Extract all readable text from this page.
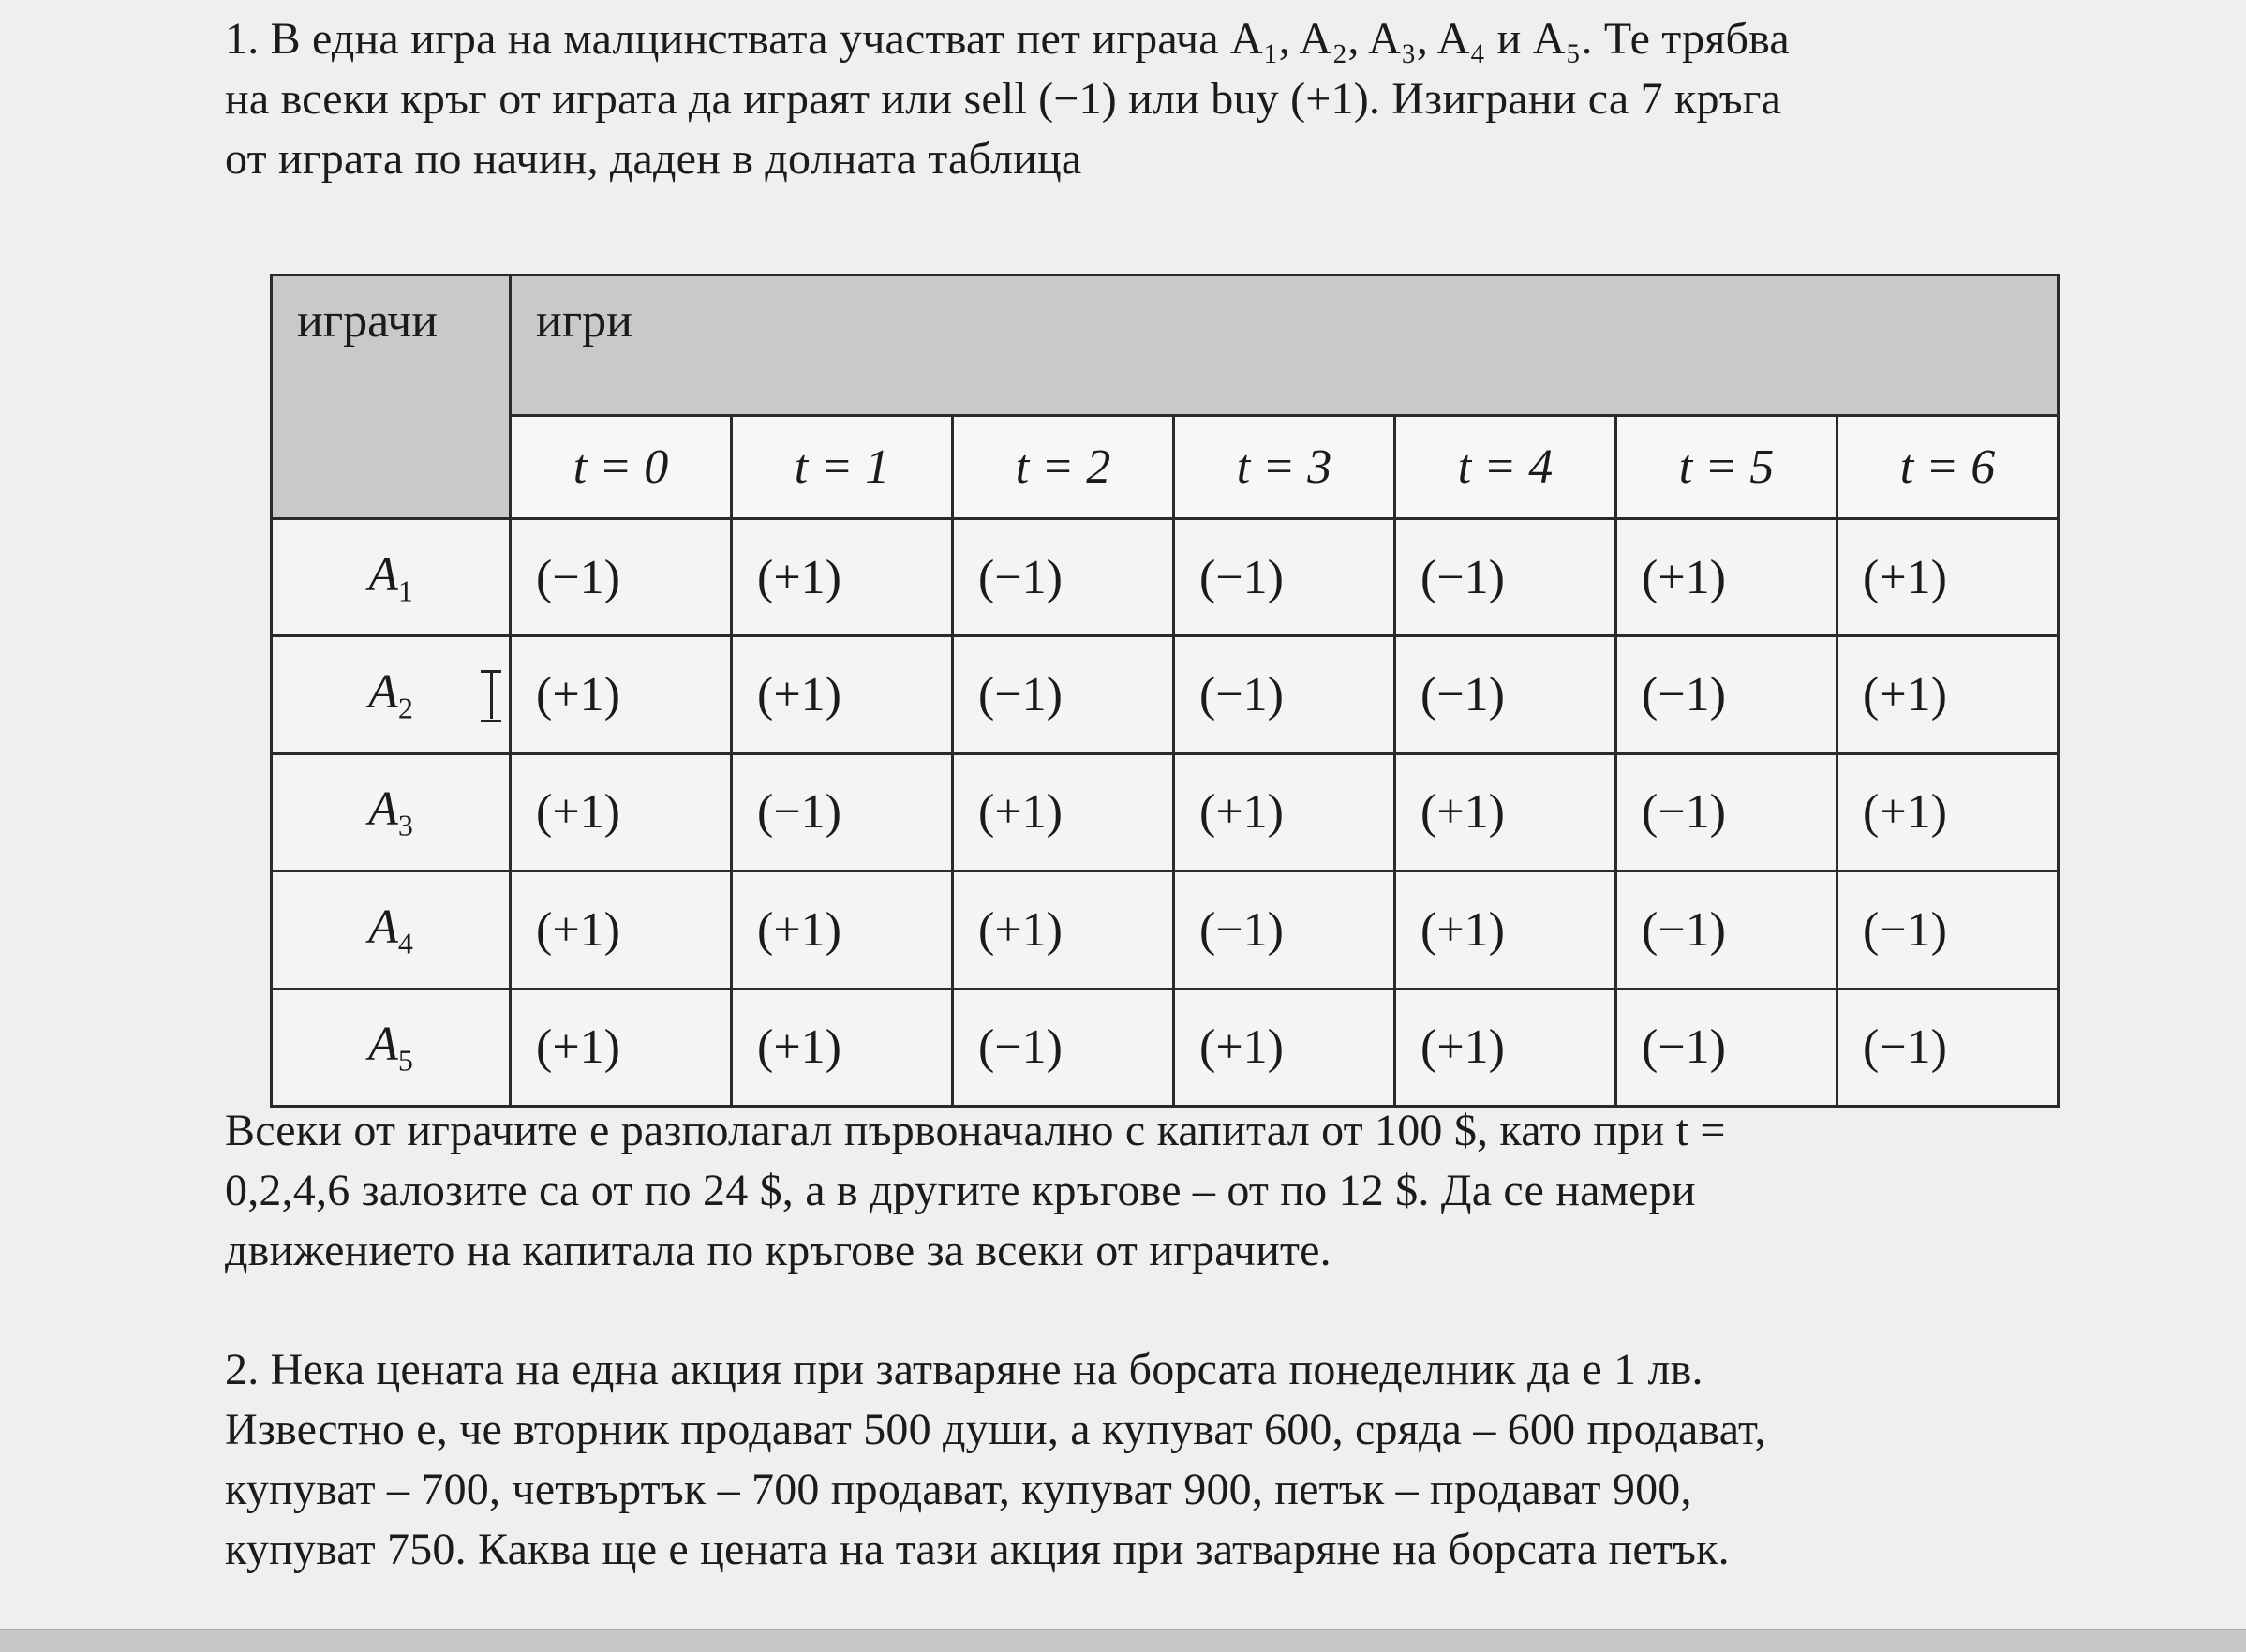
1. В една игра на малцинствата участват пет играча A₁, A₂, A₃, A₄ и A₅. Те трябва
на всеки кръг от играта да играят или sell (−1) или buy (+1). Изиграни са 7 кръга
от играта по начин, даден в долната таблица
играчи	игри						
	t = 0	t = 1	t = 2	t = 3	t = 4	t = 5	t = 6
$A_1$	(−1)	(+1)	(−1)	(−1)	(−1)	(+1)	(+1)
$A_2$	(+1)	(+1)	(−1)	(−1)	(−1)	(−1)	(+1)
$A_3$	(+1)	(−1)	(+1)	(+1)	(+1)	(−1)	(+1)
$A_4$	(+1)	(+1)	(+1)	(−1)	(+1)	(−1)	(−1)
$A_5$	(+1)	(+1)	(−1)	(+1)	(+1)	(−1)	(−1)
Всеки от играчите е разполагал първоначално с капитал от 100 $, като при t =
0,2,4,6 залозите са от по 24 $, а в другите кръгове – от по 12 $. Да се намери
движението на капитала по кръгове за всеки от играчите.
2. Нека цената на една акция при затваряне на борсата понеделник да е 1 лв.
Известно е, че вторник продават 500 души, а купуват 600, сряда – 600 продават,
купуват – 700, четвъртък – 700 продават, купуват 900, петък – продават 900,
купуват 750. Каква ще е цената на тази акция при затваряне на борсата петък.
